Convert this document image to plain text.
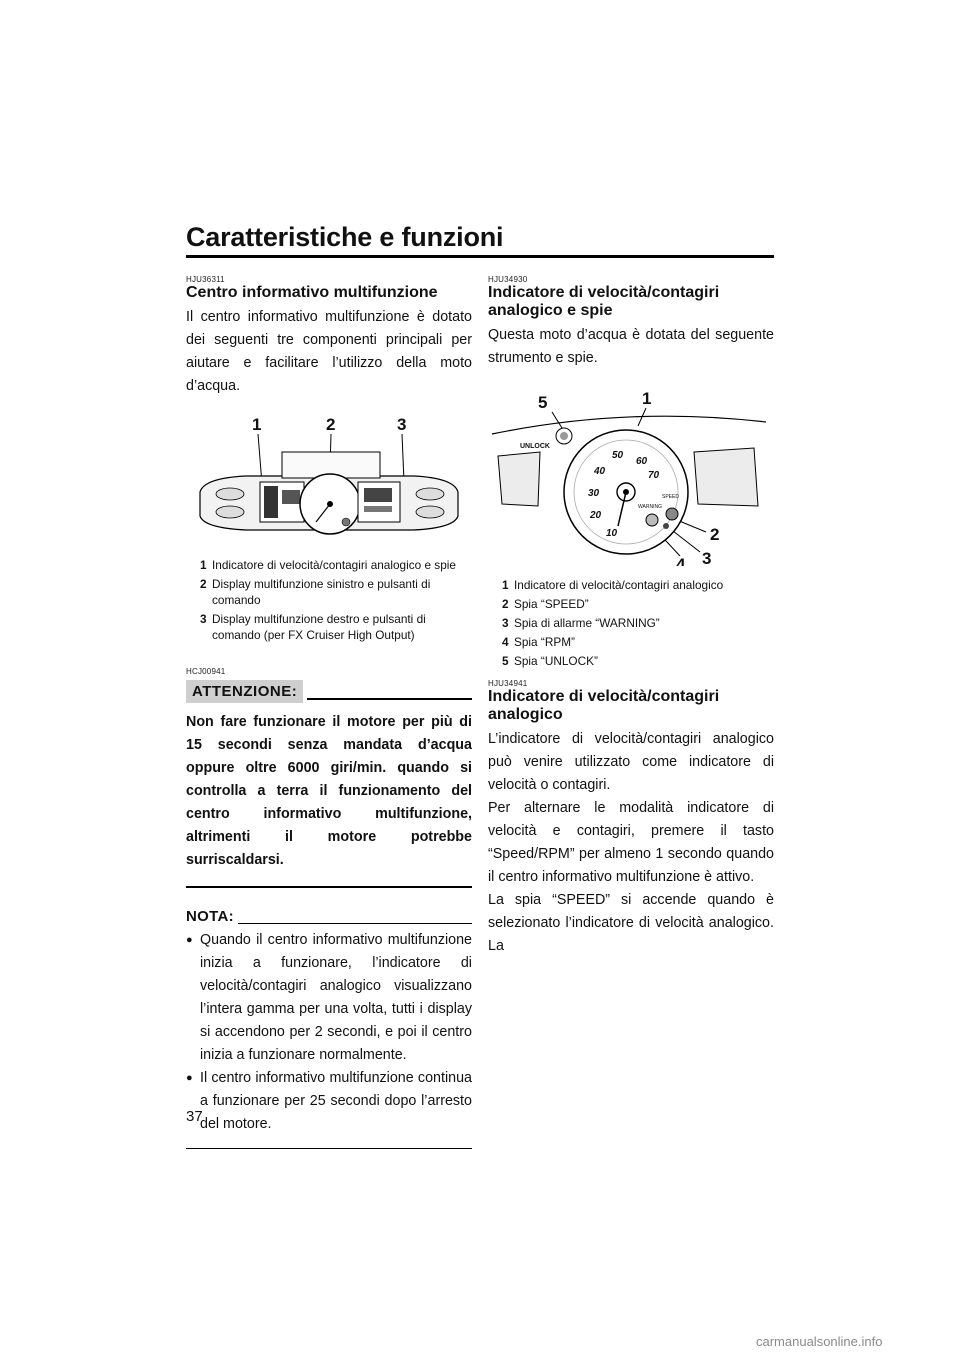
Caratteristiche e funzioni
HJU36311
Centro informativo multifunzione
Il centro informativo multifunzione è dotato dei seguenti tre componenti principali per aiutare e facilitare l’utilizzo della moto d’acqua.
1	2	3
1 Indicatore di velocità/contagiri analogico e spie
2 Display multifunzione sinistro e pulsanti di comando
3 Display multifunzione destro e pulsanti di comando (per FX Cruiser High Output)
HCJ00941
ATTENZIONE:
Non fare funzionare il motore per più di 15 secondi senza mandata d’acqua oppure oltre 6000 giri/min. quando si controlla a terra il funzionamento del centro informativo multifunzione, altrimenti il motore potrebbe surriscaldarsi.
NOTA:
● Quando il centro informativo multifunzione inizia a funzionare, l’indicatore di velocità/contagiri analogico visualizzano l’intera gamma per una volta, tutti i display si accendono per 2 secondi, e poi il centro inizia a funzionare normalmente.
● Il centro informativo multifunzione continua a funzionare per 25 secondi dopo l’arresto del motore.
HJU34930
Indicatore di velocità/contagiri analogico e spie
Questa moto d’acqua è dotata del seguente strumento e spie.
5	1
2
3
4
UNLOCK
10
20
30
40
50
60
70
WARNING
SPEED
1 Indicatore di velocità/contagiri analogico
2 Spia “SPEED”
3 Spia di allarme “WARNING”
4 Spia “RPM”
5 Spia “UNLOCK”
HJU34941
Indicatore di velocità/contagiri analogico
L’indicatore di velocità/contagiri analogico può venire utilizzato come indicatore di velocità o contagiri.
Per alternare le modalità indicatore di velocità e contagiri, premere il tasto “Speed/RPM” per almeno 1 secondo quando il centro informativo multifunzione è attivo.
La spia “SPEED” si accende quando è selezionato l’indicatore di velocità analogico. La
37
carmanualsonline.info
